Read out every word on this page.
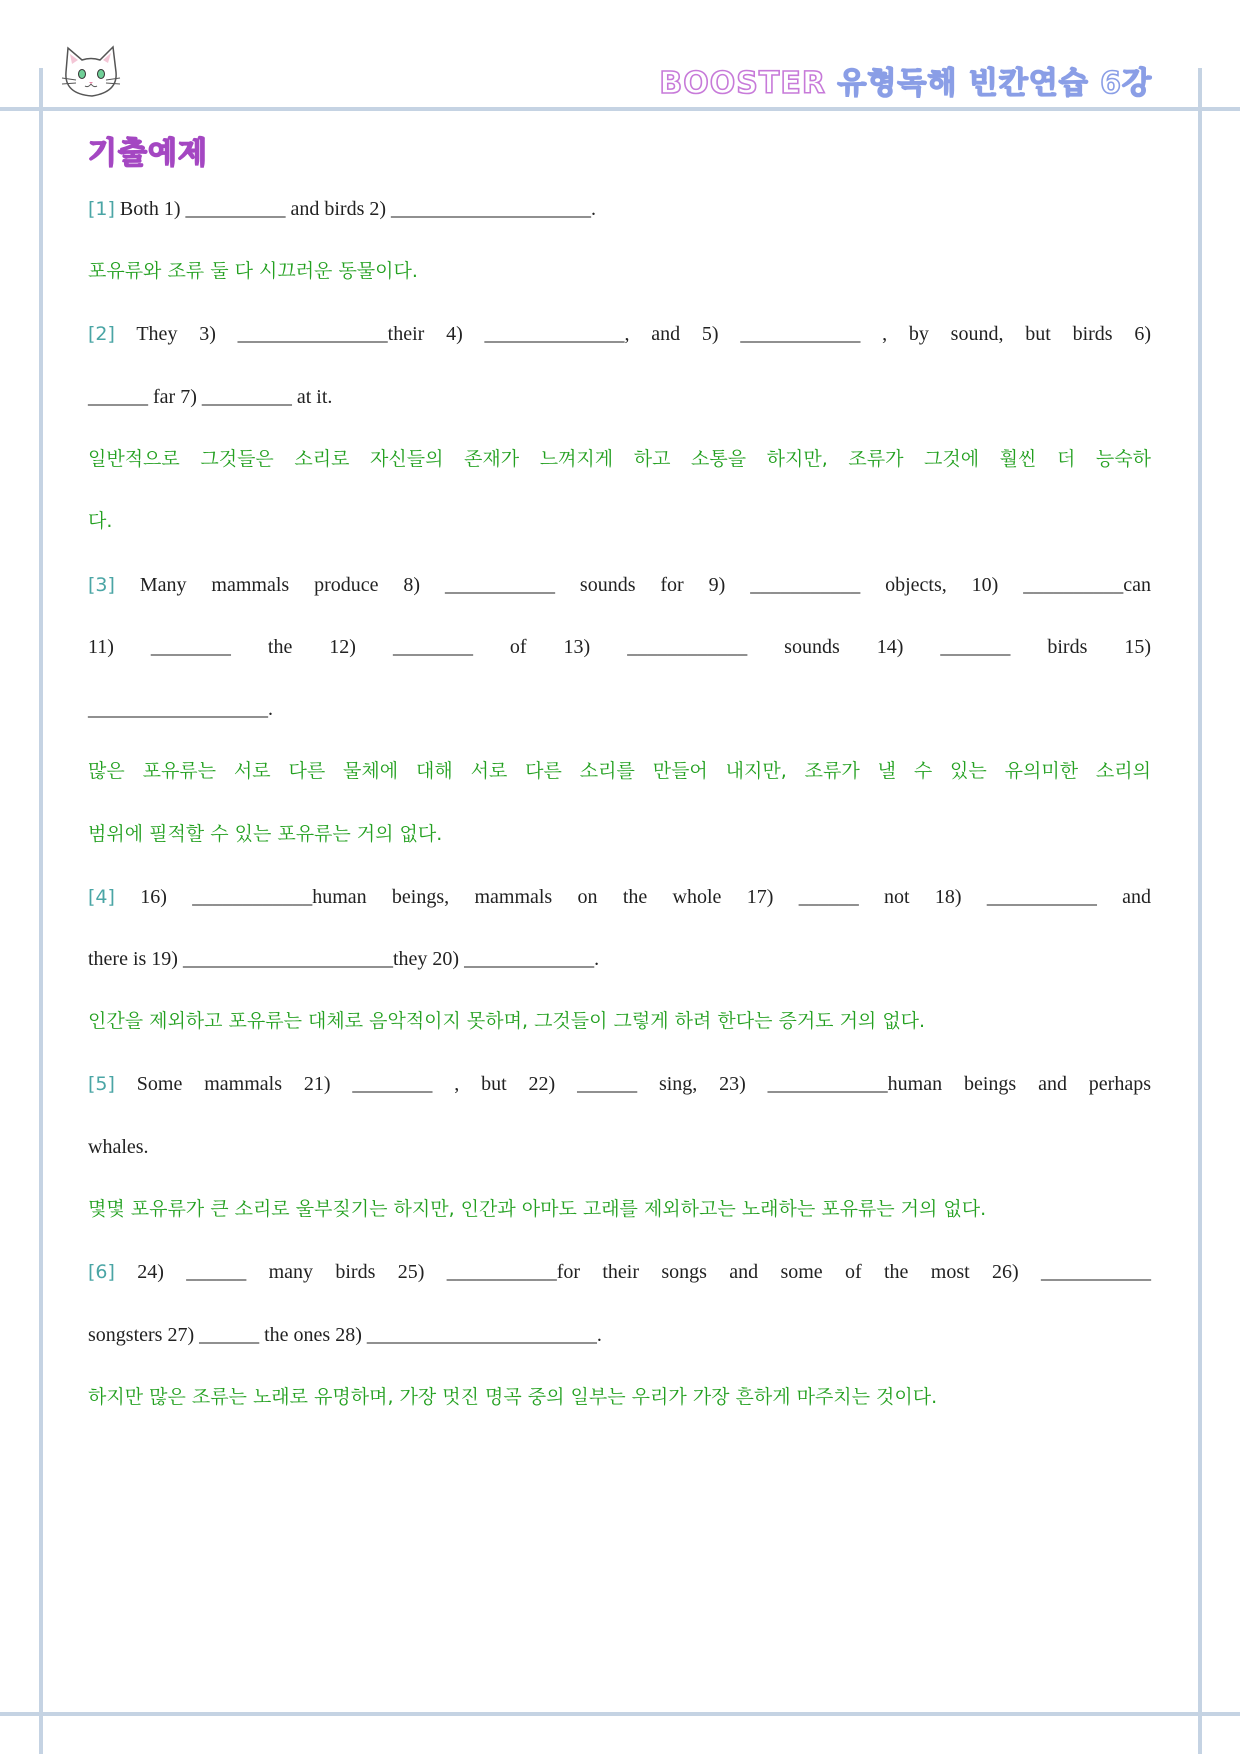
BOOSTER 유형독해 빈칸연습 6강
기출예제
[1] Both 1) __________ and birds 2) ____________________.
포유류와 조류 둘 다 시끄러운 동물이다.
[2] They 3) _______________their 4) ______________, and 5) ____________ , by sound, but birds 6)
______ far 7) _________ at it.
일반적으로 그것들은 소리로 자신들의 존재가 느껴지게 하고 소통을 하지만, 조류가 그것에 훨씬 더 능숙하
다.
[3] Many mammals produce 8) ___________ sounds for 9) ___________ objects, 10) __________can
11) ________ the 12) ________ of 13) ____________ sounds 14) _______ birds 15)
__________________.
많은 포유류는 서로 다른 물체에 대해 서로 다른 소리를 만들어 내지만, 조류가 낼 수 있는 유의미한 소리의
범위에 필적할 수 있는 포유류는 거의 없다.
[4] 16) ____________human beings, mammals on the whole 17) ______ not 18) ___________ and
there is 19) _____________________they 20) _____________.
인간을 제외하고 포유류는 대체로 음악적이지 못하며, 그것들이 그렇게 하려 한다는 증거도 거의 없다.
[5] Some mammals 21) ________ , but 22) ______ sing, 23) ____________human beings and perhaps
whales.
몇몇 포유류가 큰 소리로 울부짖기는 하지만, 인간과 아마도 고래를 제외하고는 노래하는 포유류는 거의 없다.
[6] 24) ______ many birds 25) ___________for their songs and some of the most 26) ___________
songsters 27) ______ the ones 28) _______________________.
하지만 많은 조류는 노래로 유명하며, 가장 멋진 명곡 중의 일부는 우리가 가장 흔하게 마주치는 것이다.
